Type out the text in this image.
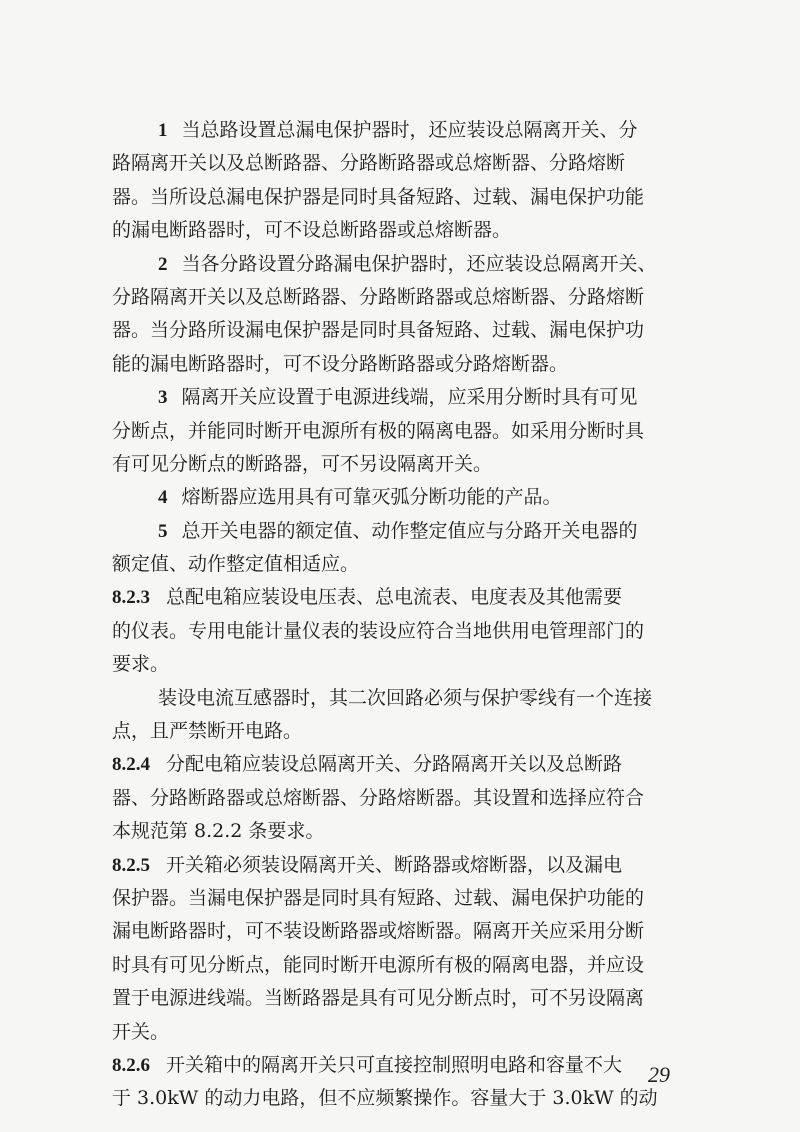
1 当总路设置总漏电保护器时，还应装设总隔离开关、分
路隔离开关以及总断路器、分路断路器或总熔断器、分路熔断
器。当所设总漏电保护器是同时具备短路、过载、漏电保护功能
的漏电断路器时，可不设总断路器或总熔断器。
2 当各分路设置分路漏电保护器时，还应装设总隔离开关、
分路隔离开关以及总断路器、分路断路器或总熔断器、分路熔断
器。当分路所设漏电保护器是同时具备短路、过载、漏电保护功
能的漏电断路器时，可不设分路断路器或分路熔断器。
3 隔离开关应设置于电源进线端，应采用分断时具有可见
分断点，并能同时断开电源所有极的隔离电器。如采用分断时具
有可见分断点的断路器，可不另设隔离开关。
4 熔断器应选用具有可靠灭弧分断功能的产品。
5 总开关电器的额定值、动作整定值应与分路开关电器的
额定值、动作整定值相适应。
8.2.3 总配电箱应装设电压表、总电流表、电度表及其他需要
的仪表。专用电能计量仪表的装设应符合当地供用电管理部门的
要求。
装设电流互感器时，其二次回路必须与保护零线有一个连接
点，且严禁断开电路。
8.2.4 分配电箱应装设总隔离开关、分路隔离开关以及总断路
器、分路断路器或总熔断器、分路熔断器。其设置和选择应符合
本规范第 8.2.2 条要求。
8.2.5 开关箱必须装设隔离开关、断路器或熔断器，以及漏电
保护器。当漏电保护器是同时具有短路、过载、漏电保护功能的
漏电断路器时，可不装设断路器或熔断器。隔离开关应采用分断
时具有可见分断点，能同时断开电源所有极的隔离电器，并应设
置于电源进线端。当断路器是具有可见分断点时，可不另设隔离
开关。
8.2.6 开关箱中的隔离开关只可直接控制照明电路和容量不大
于 3.0kW 的动力电路，但不应频繁操作。容量大于 3.0kW 的动
29
